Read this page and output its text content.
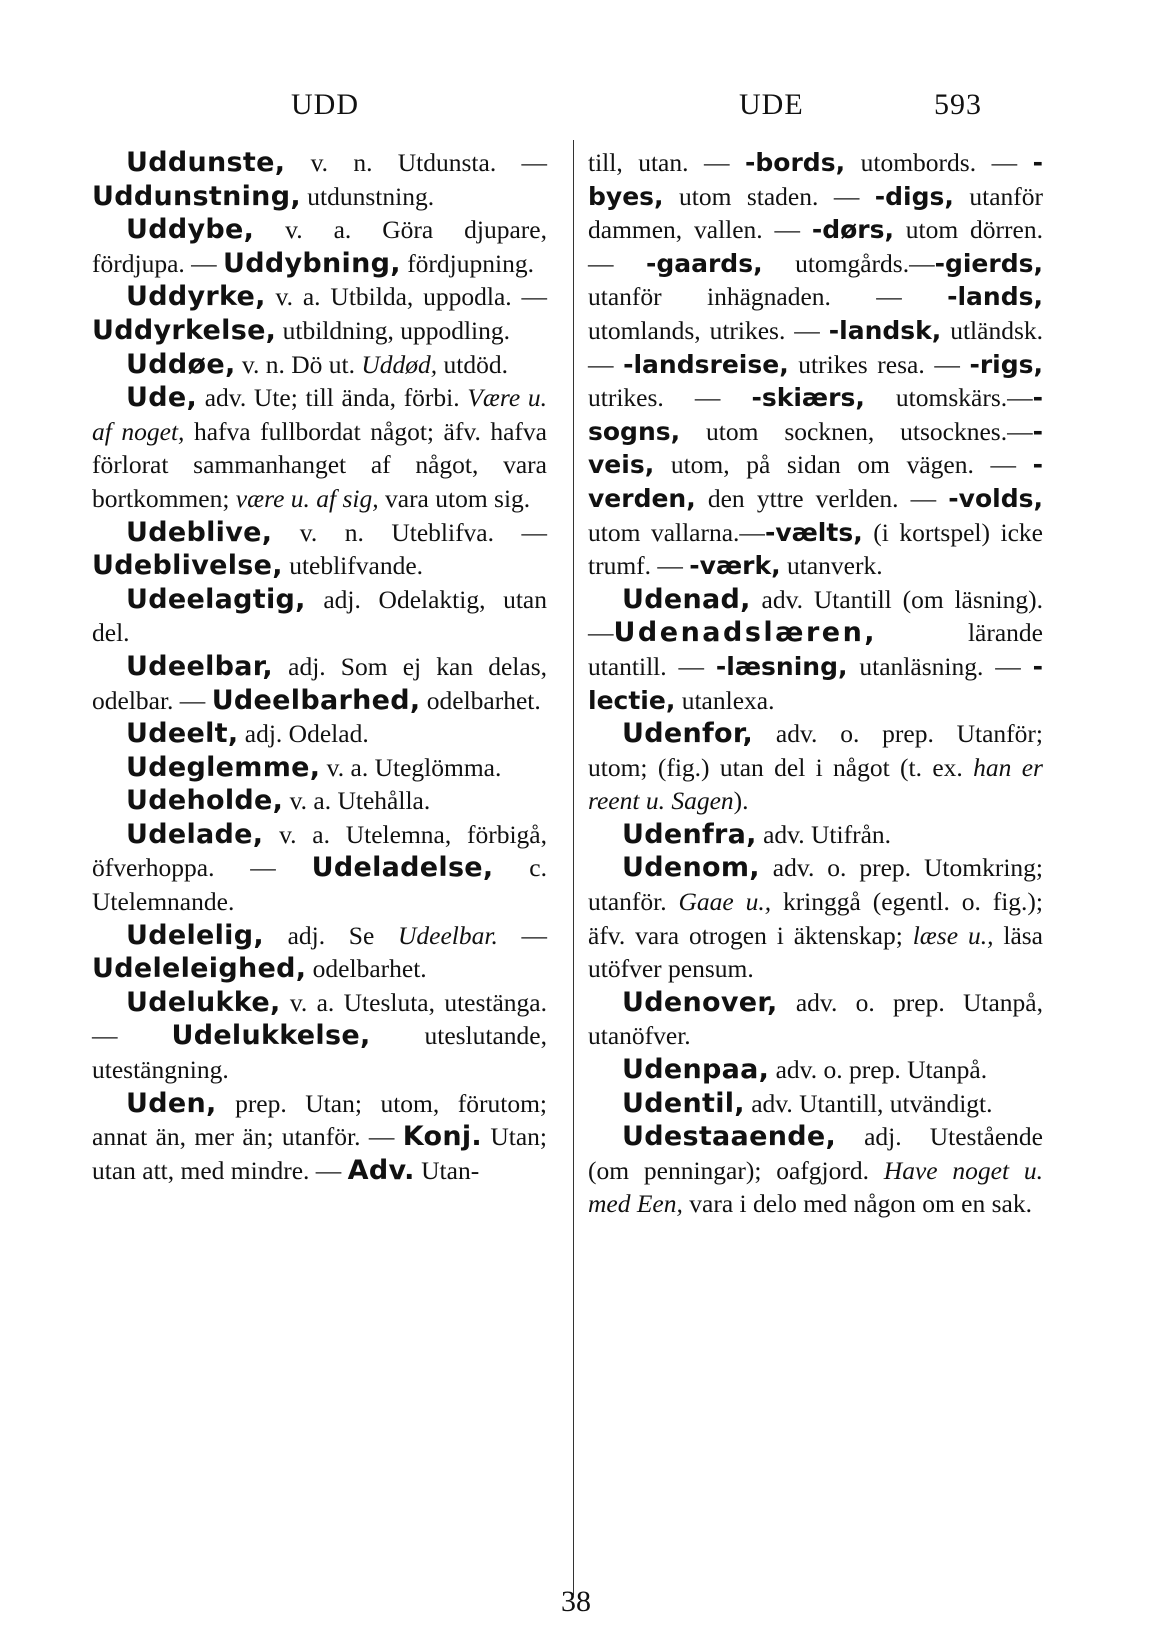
UDD	UDE	593

Uddunste, v. n. Utdunsta. — Uddunstning, utdunstning.

Uddybe, v. a. Göra djupare, fördjupa. — Uddybning, fördjupning.

Uddyrke, v. a. Utbilda, uppodla. — Uddyrkelse, utbildning, uppodling.

Uddøe, v. n. Dö ut. Uddød, utdöd.

Ude, adv. Ute; till ända, förbi. Være u. af noget, hafva fullbordat något; äfv. hafva förlorat sammanhanget af något, vara bortkommen; være u. af sig, vara utom sig.

Udeblive, v. n. Uteblifva. — Udeblivelse, uteblifvande.

Udeelagtig, adj. Odelaktig, utan del.

Udeelbar, adj. Som ej kan delas, odelbar. — Udeelbarhed, odelbarhet.

Udeelt, adj. Odelad.

Udeglemme, v. a. Uteglömma.

Udeholde, v. a. Utehålla.

Udelade, v. a. Utelemna, förbigå, öfverhoppa. — Udeladelse, c. Utelemnande.

Udelelig, adj. Se Udeelbar. — Udeleleighed, odelbarhet.

Udelukke, v. a. Utesluta, utestänga. — Udelukkelse, uteslutande, utestängning.

Uden, prep. Utan; utom, förutom; annat än, mer än; utanför. — Konj. Utan; utan att, med mindre. — Adv. Utan-

till, utan. — -bords, utombords. — -byes, utom staden. — -digs, utanför dammen, vallen. — -dørs, utom dörren. — -gaards, utomgårds.—-gierds, utanför inhägnaden. — -lands, utomlands, utrikes. — -landsk, utländsk. — -landsreise, utrikes resa. — -rigs, utrikes. — -skiærs, utomskärs.—-sogns, utom socknen, utsocknes.—-veis, utom, på sidan om vägen. — -verden, den yttre verlden. — -volds, utom vallarna.—-vælts, (i kortspel) icke trumf. — -værk, utanverk.

Udenad, adv. Utantill (om läsning).—Udenadslæren, lärande utantill. — -læsning, utanläsning. — -lectie, utanlexa.

Udenfor, adv. o. prep. Utanför; utom; (fig.) utan del i något (t. ex. han er reent u. Sagen).

Udenfra, adv. Utifrån.

Udenom, adv. o. prep. Utomkring; utanför. Gaae u., kringgå (egentl. o. fig.); äfv. vara otrogen i äktenskap; læse u., läsa utöfver pensum.

Udenover, adv. o. prep. Utanpå, utanöfver.

Udenpaa, adv. o. prep. Utanpå.

Udentil, adv. Utantill, utvändigt.

Udestaaende, adj. Utestående (om penningar); oafgjord. Have noget u. med Een, vara i delo med någon om en sak.

38
